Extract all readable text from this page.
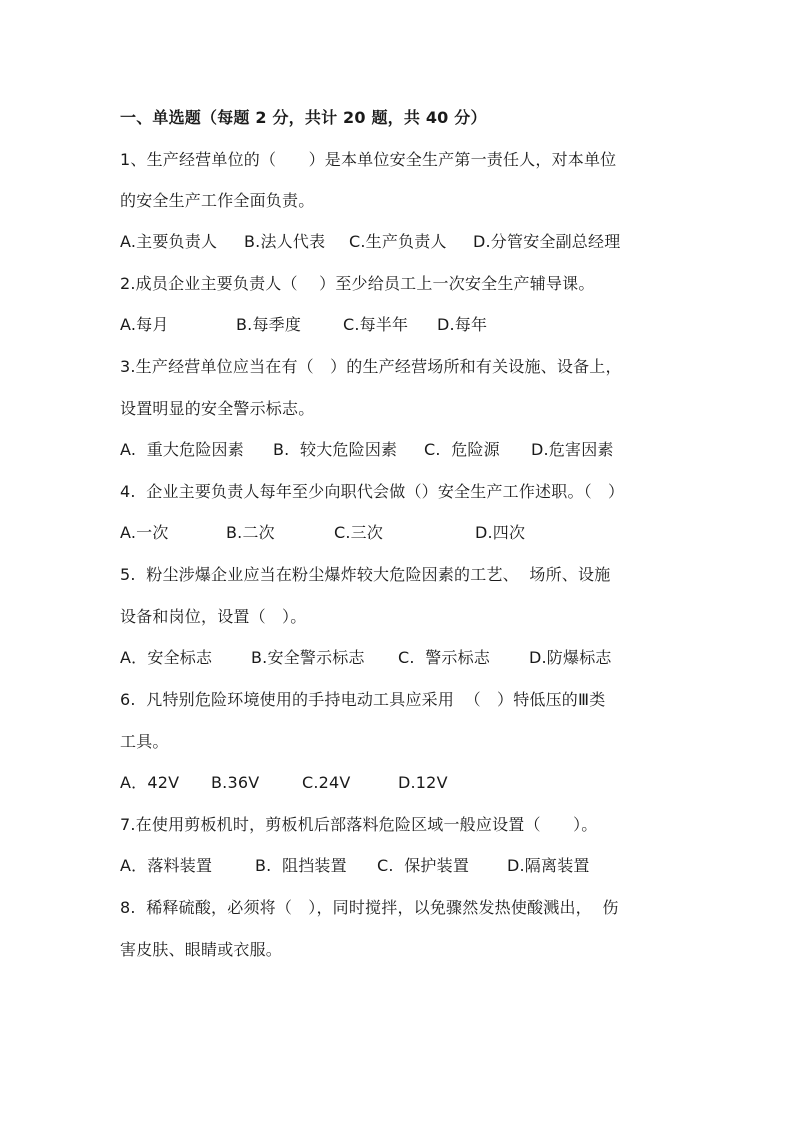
一、单选题（每题 2 分，共计 20 题，共 40 分）
1、生产经营单位的（　　）是本单位安全生产第一责任人，对本单位
的安全生产工作全面负责。

A.主要负责人

B.法人代表

C.生产负责人

D.分管安全副总经理

2.成员企业主要负责人（　 ）至少给员工上一次安全生产辅导课。

A.每月

	B.每季度

	C.每半年

D.每年

3.生产经营单位应当在有（　）的生产经营场所和有关设施、设备上，
设置明显的安全警示标志。

A.  重大危险因素

B.  较大危险因素

C.  危险源

D.危害因素

4.  企业主要负责人每年至少向职代会做（）安全生产工作述职。（　）

A.一次

	B.二次

	C.三次

	D.四次

5.  粉尘涉爆企业应当在粉尘爆炸较大危险因素的工艺、  场所、设施
设备和岗位，设置（　）。

A．安全标志

B.安全警示标志

C.  警示标志

D.防爆标志

6.  凡特别危险环境使用的手持电动工具应采用  （　）特低压的Ⅲ类
工具。

A．42V

B.36V

	C.24V

	D.12V

7.在使用剪板机时，剪板机后部落料危险区域一般应设置（　　）。

A．落料装置

	B.  阻挡装置

C.  保护装置

D.隔离装置

8.  稀释硫酸，必须将（　），同时搅拌，以免骤然发热使酸溅出，  伤
害皮肤、眼睛或衣服。
